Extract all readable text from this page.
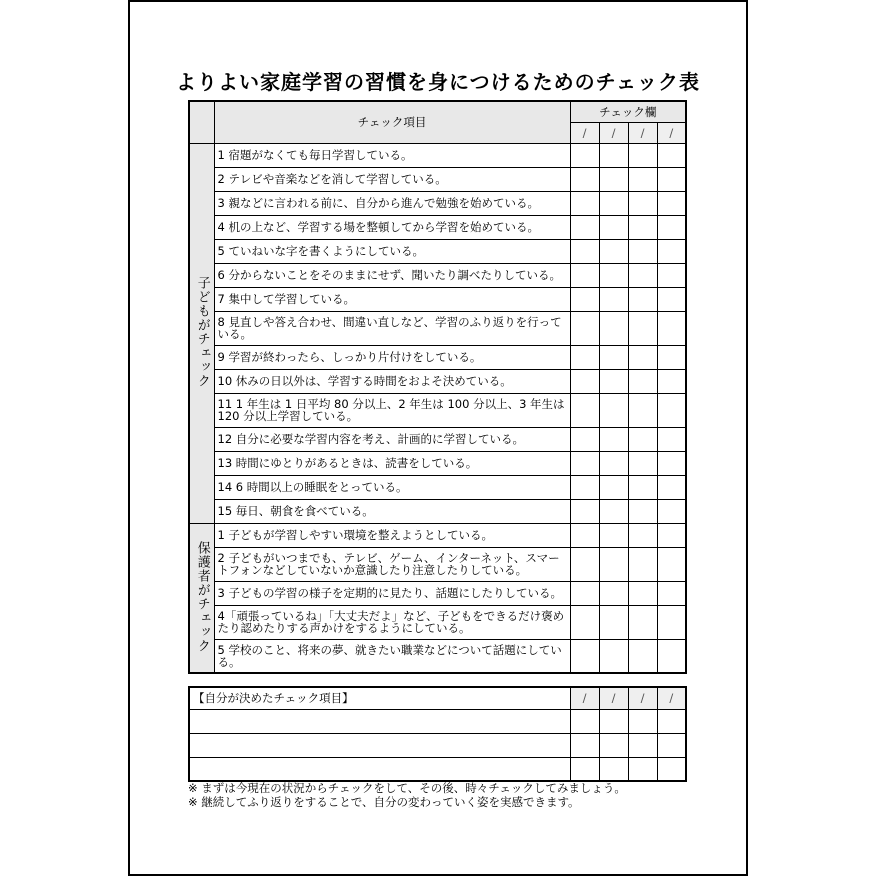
よりよい家庭学習の習慣を身につけるためのチェック表
	チェック項目	チェック欄			
		/	/	/	/
子どもがチェック	1 宿題がなくても毎日学習している。				
	2 テレビや音楽などを消して学習している。				
	3 親などに言われる前に、自分から進んで勉強を始めている。				
	4 机の上など、学習する場を整頓してから学習を始めている。				
	5 ていねいな字を書くようにしている。				
	6 分からないことをそのままにせず、聞いたり調べたりしている。				
	7 集中して学習している。				
	8 見直しや答え合わせ、間違い直しなど、学習のふり返りを行っている。				
	9 学習が終わったら、しっかり片付けをしている。				
	10 休みの日以外は、学習する時間をおよそ決めている。				
	11 1 年生は 1 日平均 80 分以上、2 年生は 100 分以上、3 年生は 120 分以上学習している。				
	12 自分に必要な学習内容を考え、計画的に学習している。				
	13 時間にゆとりがあるときは、読書をしている。				
	14 6 時間以上の睡眠をとっている。				
	15 毎日、朝食を食べている。				
保護者がチェック	1 子どもが学習しやすい環境を整えようとしている。				
	2 子どもがいつまでも、テレビ、ゲーム、インターネット、スマートフォンなどしていないか意識したり注意したりしている。				
	3 子どもの学習の様子を定期的に見たり、話題にしたりしている。				
	4「頑張っているね」「大丈夫だよ」など、子どもをできるだけ褒めたり認めたりする声かけをするようにしている。				
	5 学校のこと、将来の夢、就きたい職業などについて話題にしている。				
【自分が決めたチェック項目】	/	/	/	/

※ まずは今現在の状況からチェックをして、その後、時々チェックしてみましょう。
※ 継続してふり返りをすることで、自分の変わっていく姿を実感できます。
